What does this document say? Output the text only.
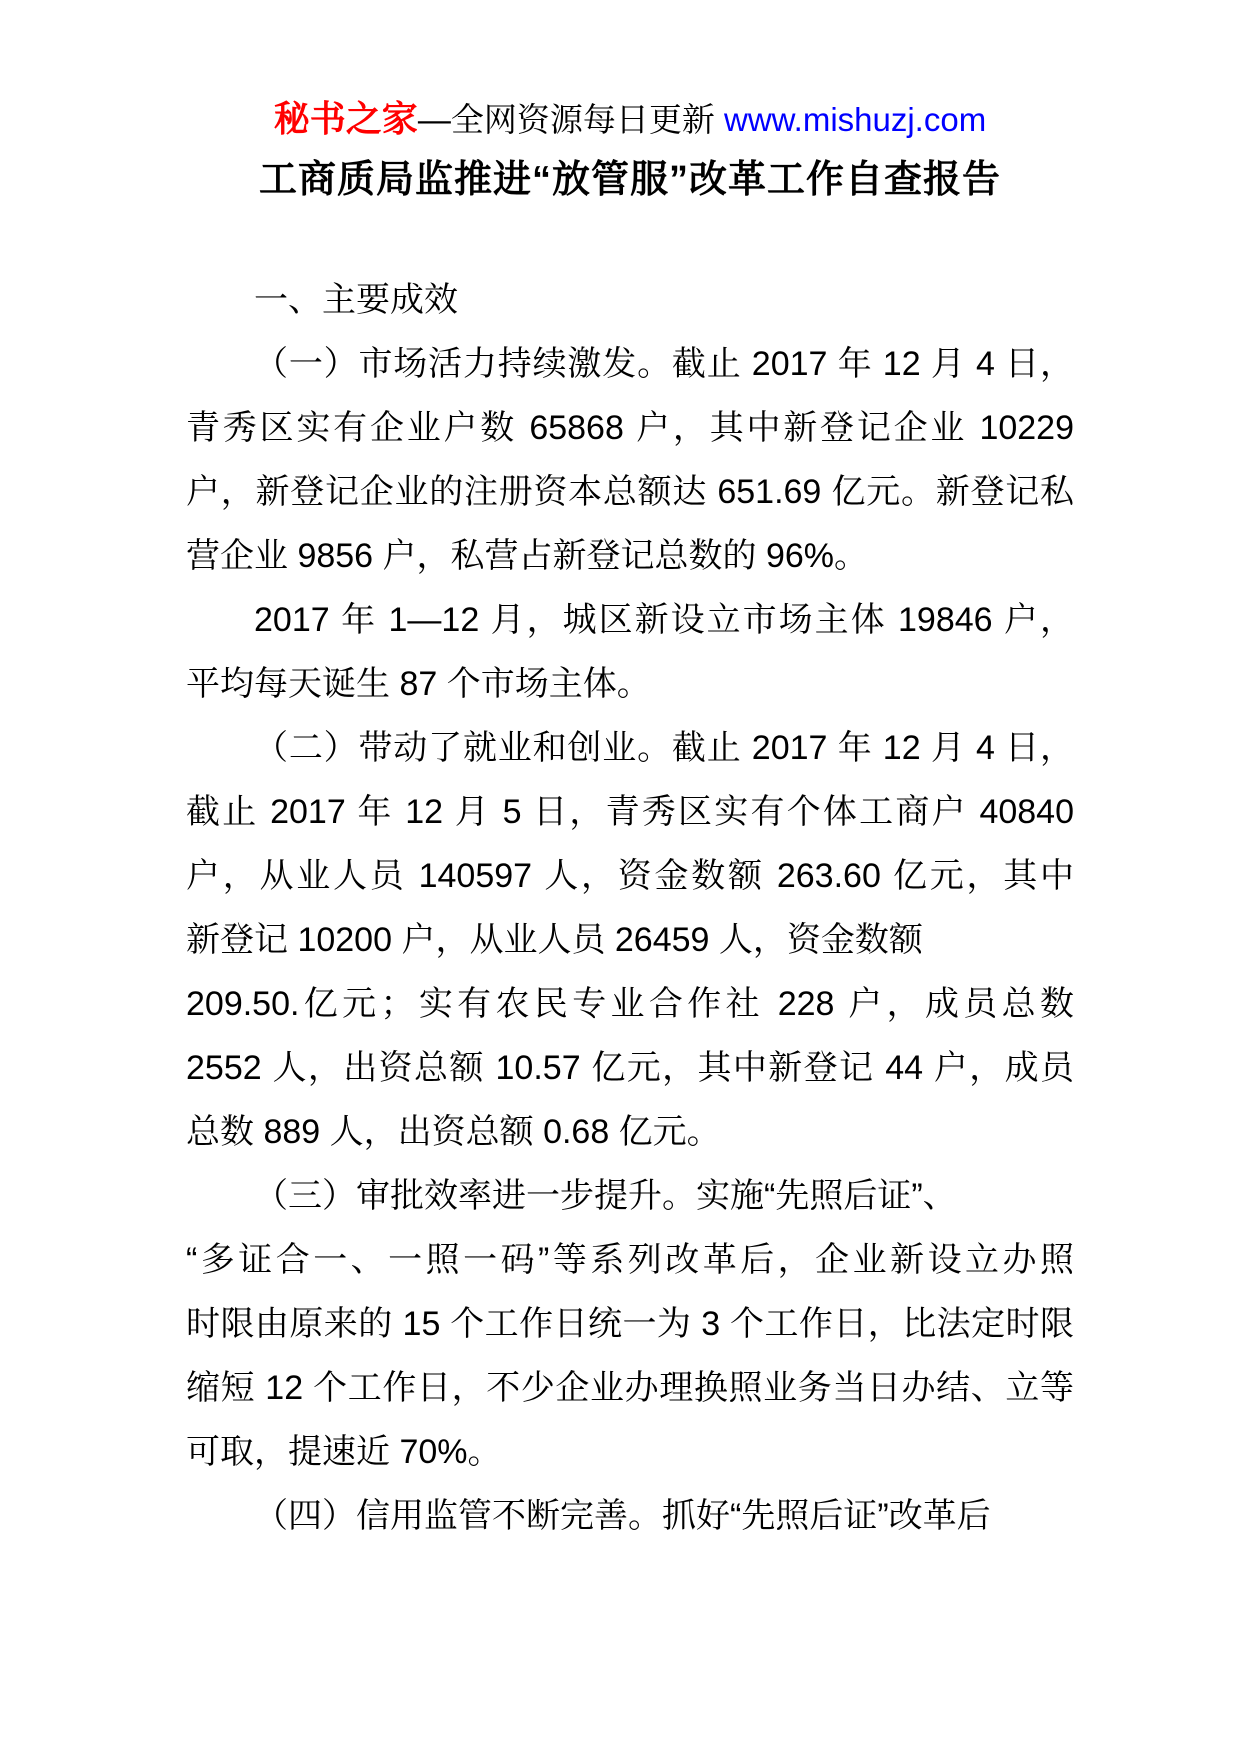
秘书之家—全网资源每日更新 www.mishuzj.com
工商质局监推进“放管服”改革工作自查报告
一、主要成效
（一）市场活力持续激发。截止 2017 年 12 月 4 日，
青秀区实有企业户数 65868 户，其中新登记企业 10229
户，新登记企业的注册资本总额达 651.69 亿元。新登记私
营企业 9856 户，私营占新登记总数的 96%。
2017 年 1—12 月，城区新设立市场主体 19846 户，
平均每天诞生 87 个市场主体。
（二）带动了就业和创业。截止 2017 年 12 月 4 日，
截止 2017 年 12 月 5 日，青秀区实有个体工商户 40840
户，从业人员 140597 人，资金数额 263.60 亿元，其中
新登记 10200 户，从业人员 26459 人，资金数额
209.50.亿元；实有农民专业合作社 228 户，成员总数
2552 人，出资总额 10.57 亿元，其中新登记 44 户，成员
总数 889 人，出资总额 0.68 亿元。
（三）审批效率进一步提升。实施“先照后证”、
“多证合一、一照一码”等系列改革后，企业新设立办照
时限由原来的 15 个工作日统一为 3 个工作日，比法定时限
缩短 12 个工作日，不少企业办理换照业务当日办结、立等
可取，提速近 70%。
（四）信用监管不断完善。抓好“先照后证”改革后
